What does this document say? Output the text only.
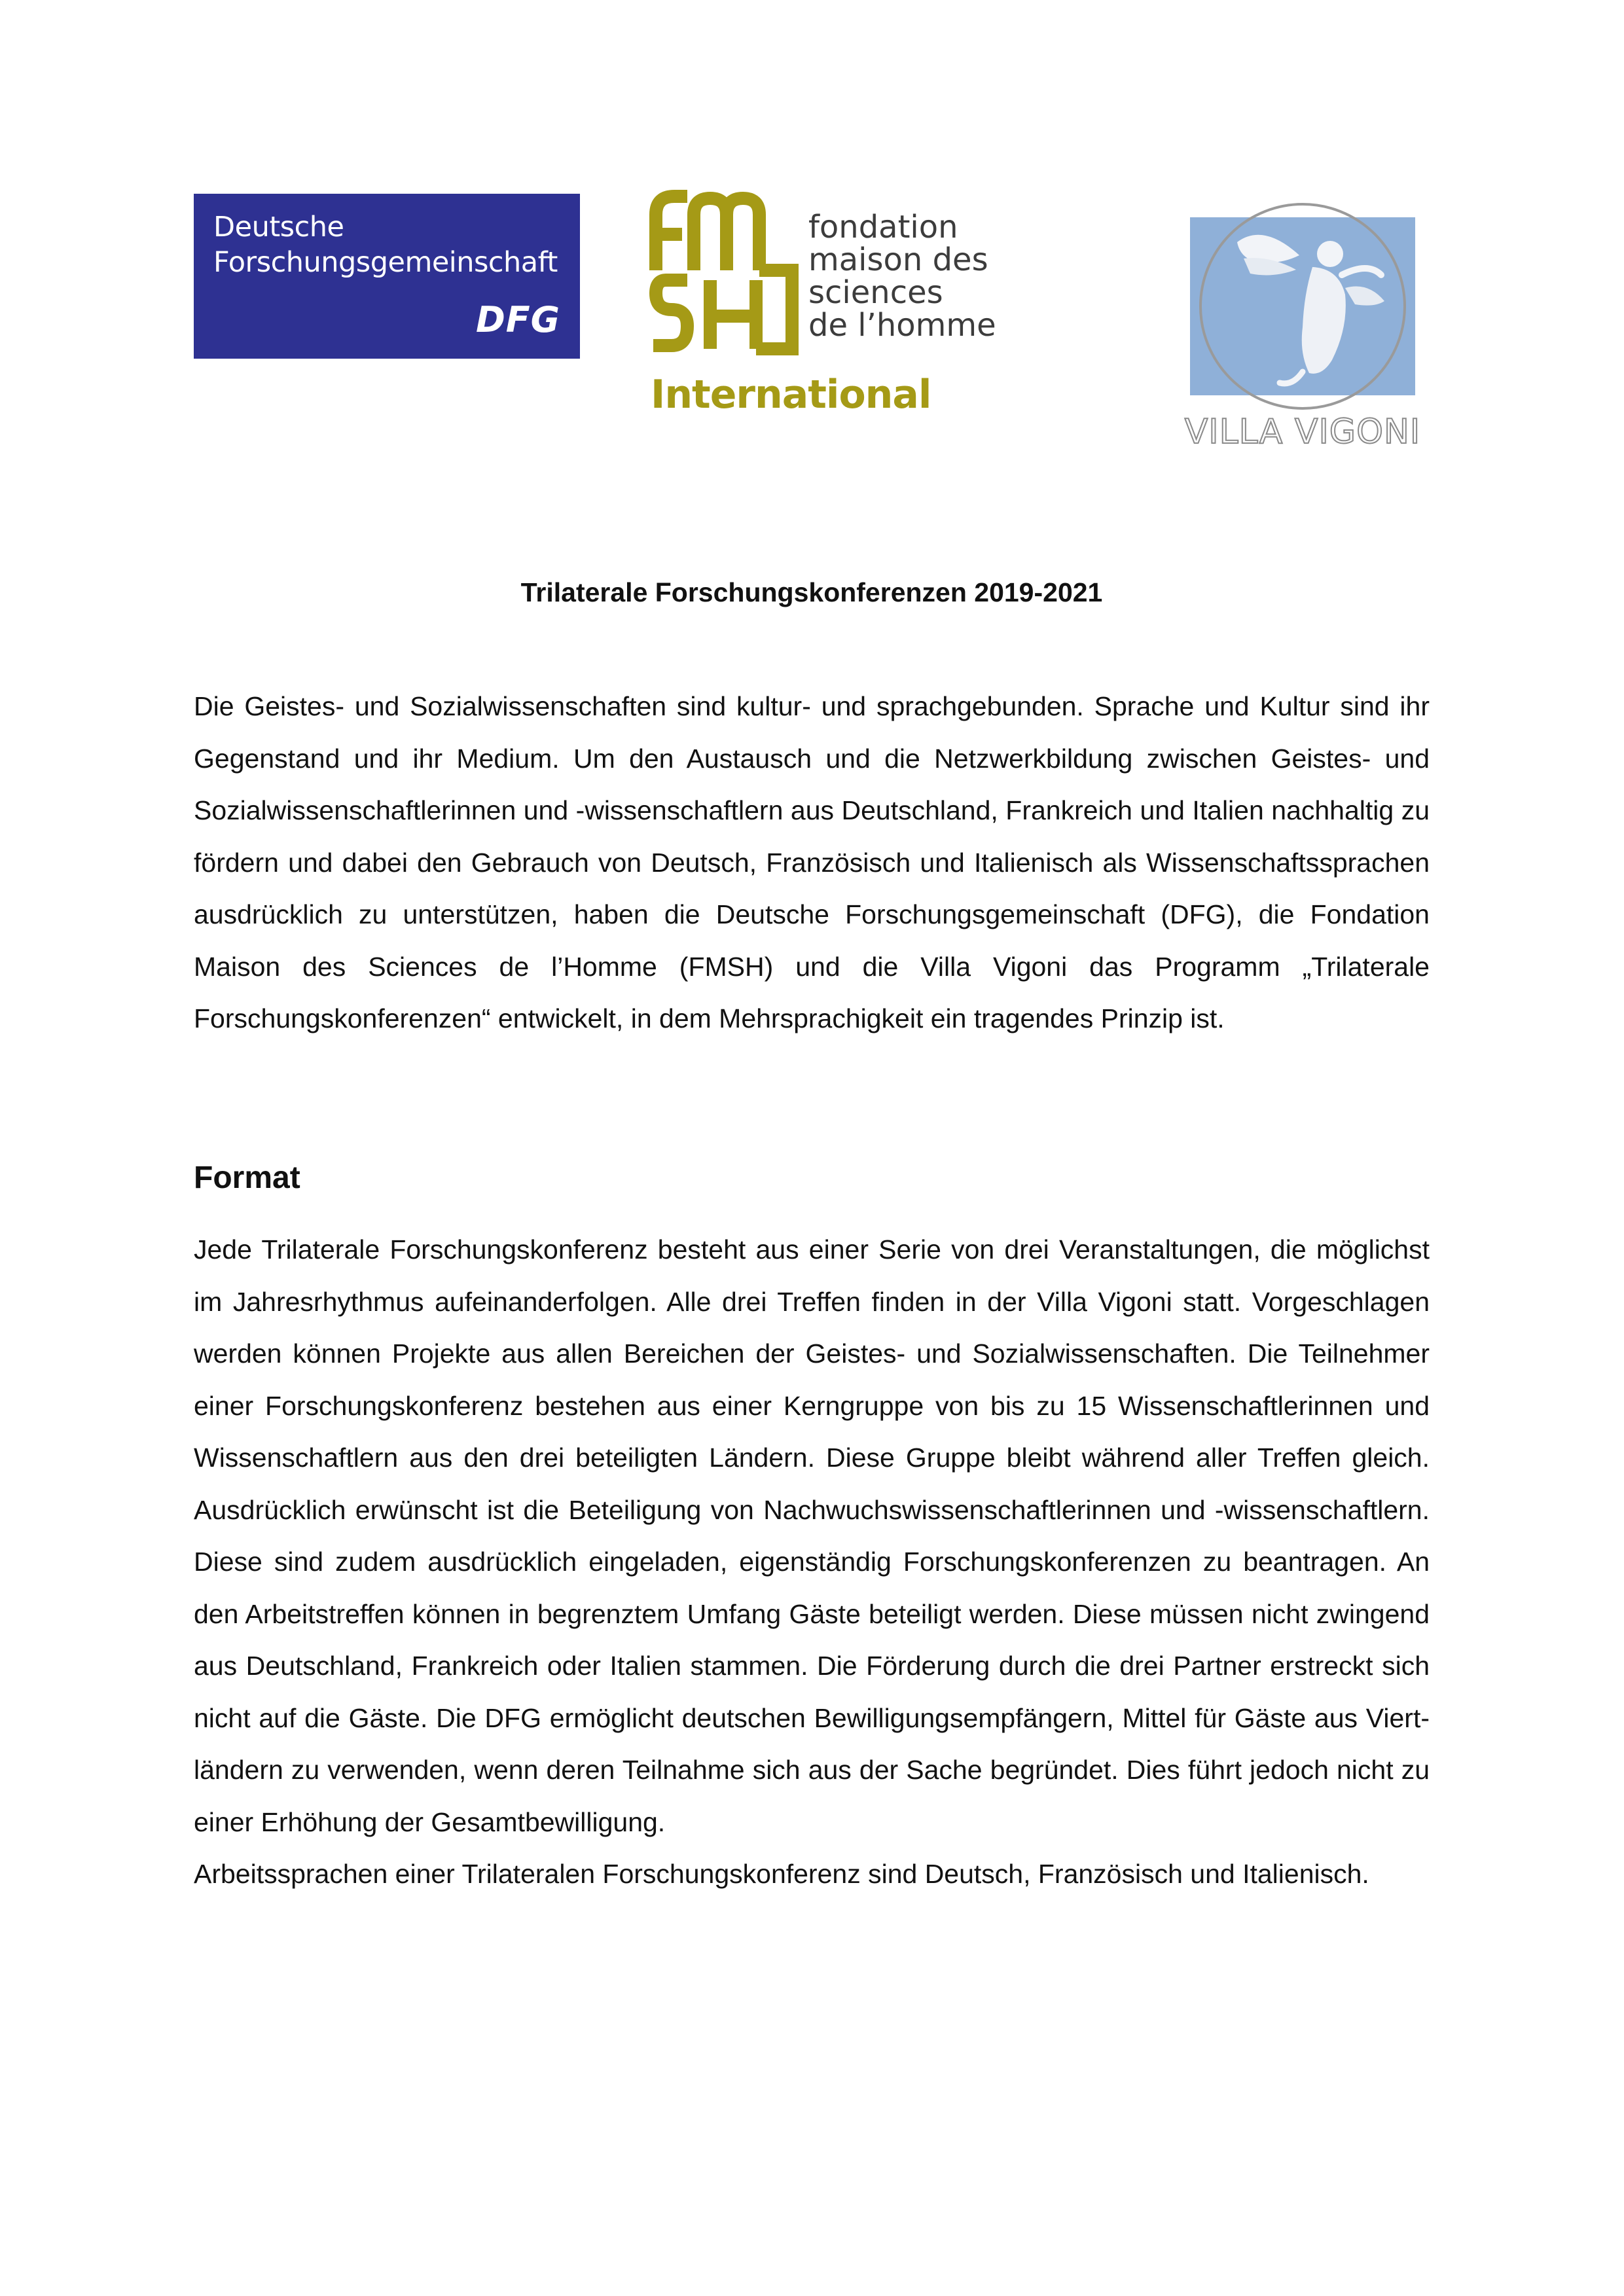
Deutsche
Forschungsgemeinschaft
DFG
fondation
maison des
sciences
de l’homme
International
VILLA VIGONI
Trilaterale Forschungskonferenzen 2019-2021

Die Geistes- und Sozialwissenschaften sind kultur- und sprachgebunden. Sprache und Kultur sind ihr Gegenstand und ihr Medium. Um den Austausch und die Netzwerkbildung zwischen Geistes- und Sozialwissenschaftlerinnen und -wissenschaftlern aus Deutschland, Frankreich und Italien nachhaltig zu fördern und dabei den Gebrauch von Deutsch, Französisch und Italienisch als Wissenschaftssprachen ausdrücklich zu unterstützen, haben die Deutsche Forschungsgemeinschaft (DFG), die Fondation Maison des Sciences de l’Homme (FMSH) und die Villa Vigoni das Programm „Trilaterale Forschungskonferenzen“ entwickelt, in dem Mehrsprachigkeit ein tragendes Prinzip ist.

Format

Jede Trilaterale Forschungskonferenz besteht aus einer Serie von drei Veranstaltungen, die möglichst im Jahresrhythmus aufeinanderfolgen. Alle drei Treffen finden in der Villa Vigoni statt. Vorgeschlagen werden können Projekte aus allen Bereichen der Geistes- und Sozialwissenschaften. Die Teilnehmer einer Forschungskonferenz bestehen aus einer Kerngruppe von bis zu 15 Wissenschaftlerinnen und Wissenschaftlern aus den drei beteiligten Ländern. Diese Gruppe bleibt während aller Treffen gleich. Ausdrücklich erwünscht ist die Beteiligung von Nachwuchswissenschaftlerinnen und -wissenschaftlern. Diese sind zudem ausdrücklich eingeladen, eigenständig Forschungskonferenzen zu beantragen. An den Arbeitstreffen können in begrenztem Umfang Gäste beteiligt werden. Diese müssen nicht zwingend aus Deutschland, Frankreich oder Italien stammen. Die Förderung durch die drei Partner erstreckt sich nicht auf die Gäste. Die DFG ermöglicht deutschen Bewilligungsempfängern, Mittel für Gäste aus Viertländern zu verwenden, wenn deren Teilnahme sich aus der Sache begründet. Dies führt jedoch nicht zu einer Erhöhung der Gesamtbewilligung.

Arbeitssprachen einer Trilateralen Forschungskonferenz sind Deutsch, Französisch und Italienisch.
